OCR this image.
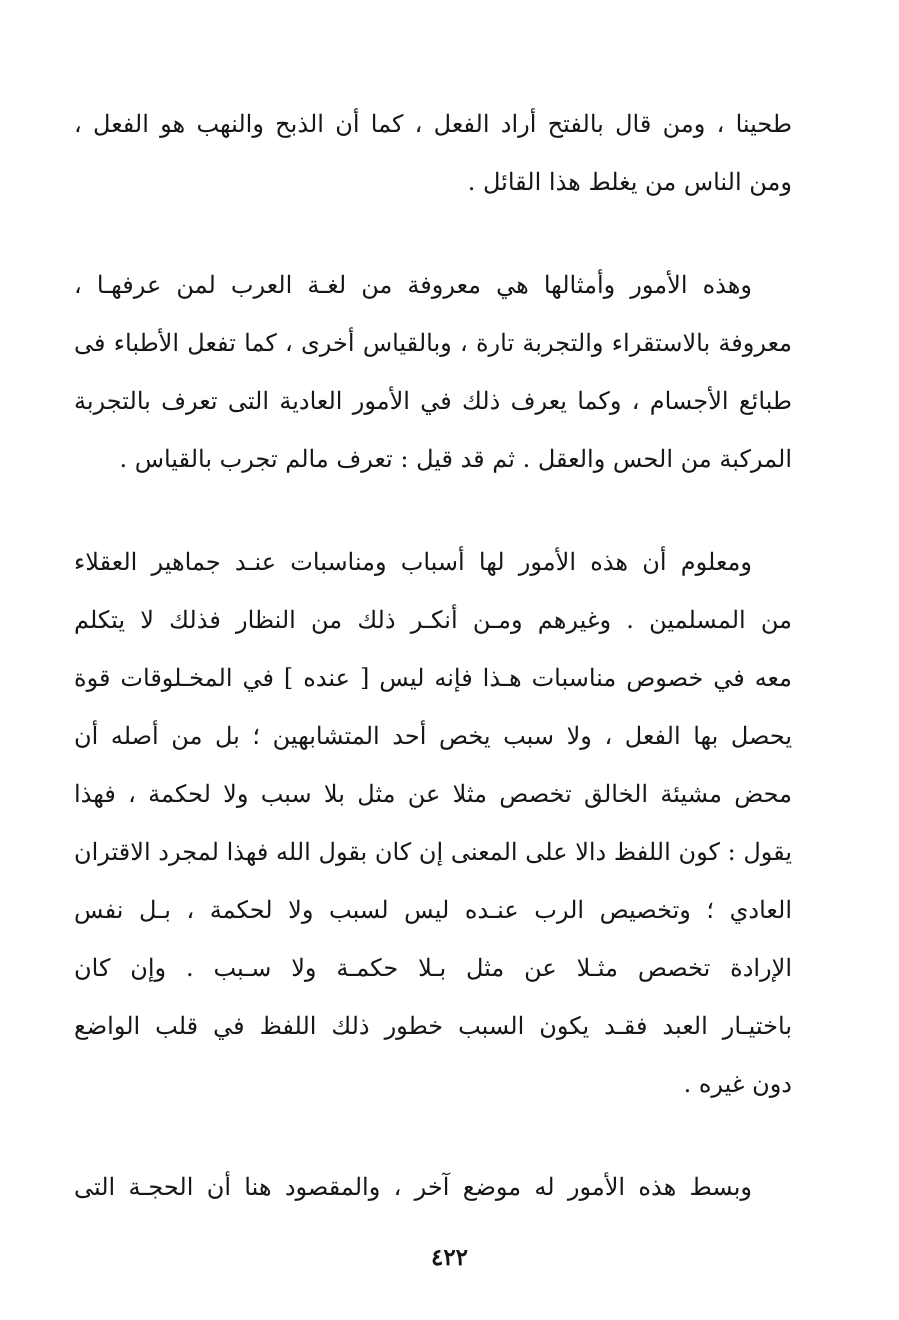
طحينا ، ومن قال بالفتح أراد الفعل ، كما أن الذبح والنهب هو الفعل ،
ومن الناس من يغلط هذا القائل .
وهذه الأمور وأمثالها هي معروفة من لغـة العرب لمن عرفهـا ،
معروفة بالاستقراء والتجربة تارة ، وبالقياس أخرى ، كما تفعل الأطباء فى
طبائع الأجسام ، وكما يعرف ذلك في الأمور العادية التى تعرف بالتجربة
المركبة من الحس والعقل . ثم قد قيل : تعرف مالم تجرب بالقياس .
ومعلوم أن هذه الأمور لها أسباب ومناسبات عنـد جماهير العقلاء
من المسلمين . وغيرهم ومـن أنكـر ذلك من النظار فذلك لا يتكلم
معه في خصوص مناسبات هـذا فإنه ليس [ عنده ] في المخـلوقات قوة
يحصل بها الفعل ، ولا سبب يخص أحد المتشابهين ؛ بل من أصله أن
محض مشيئة الخالق تخصص مثلا عن مثل بلا سبب ولا لحكمة ، فهذا
يقول : كون اللفظ دالا على المعنى إن كان بقول الله فهذا لمجرد الاقتران
العادي ؛ وتخصيص الرب عنـده ليس لسبب ولا لحكمة ، بـل نفس
الإرادة تخصص مثـلا عن مثل بـلا حكمـة ولا سـبب . وإن كان
باختيـار العبد فقـد يكون السبب خطور ذلك اللفظ في قلب الواضع
دون غيره .
وبسط هذه الأمور له موضع آخر ، والمقصود هنا أن الحجـة التى
٤٢٢
